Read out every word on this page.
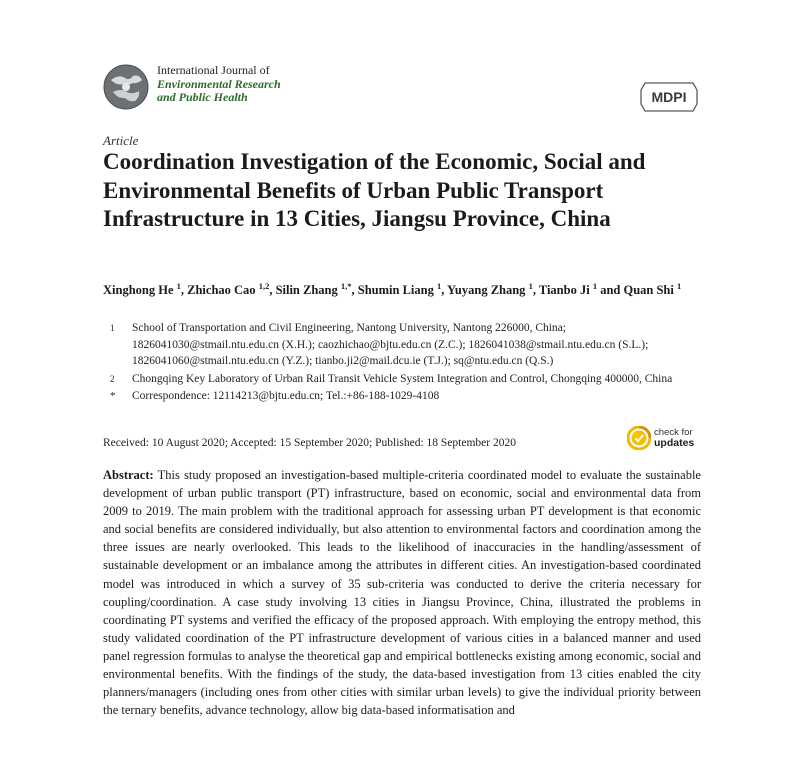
International Journal of
Environmental Research
and Public Health	MDPI
Article
Coordination Investigation of the Economic, Social and Environmental Benefits of Urban Public Transport Infrastructure in 13 Cities, Jiangsu Province, China
Xinghong He $^1$, Zhichao Cao $^{1,2}$, Silin Zhang $^{1,*}$, Shumin Liang $^1$, Yuyang Zhang $^1$, Tianbo Ji $^1$ and Quan Shi $^1$
1	School of Transportation and Civil Engineering, Nantong University, Nantong 226000, China; 1826041030@stmail.ntu.edu.cn (X.H.); caozhichao@bjtu.edu.cn (Z.C.); 1826041038@stmail.ntu.edu.cn (S.L.); 1826041060@stmail.ntu.edu.cn (Y.Z.); tianbo.ji2@mail.dcu.ie (T.J.); sq@ntu.edu.cn (Q.S.)
2	Chongqing Key Laboratory of Urban Rail Transit Vehicle System Integration and Control, Chongqing 400000, China
*	Correspondence: 12114213@bjtu.edu.cn; Tel.:+86-188-1029-4108
Received: 10 August 2020; Accepted: 15 September 2020; Published: 18 September 2020
check for
updates
Abstract: This study proposed an investigation-based multiple-criteria coordinated model to evaluate the sustainable development of urban public transport (PT) infrastructure, based on economic, social and environmental data from 2009 to 2019. The main problem with the traditional approach for assessing urban PT development is that economic and social benefits are considered individually, but also attention to environmental factors and coordination among the three issues are nearly overlooked. This leads to the likelihood of inaccuracies in the handling/assessment of sustainable development or an imbalance among the attributes in different cities. An investigation-based coordinated model was introduced in which a survey of 35 sub-criteria was conducted to derive the criteria necessary for coupling/coordination. A case study involving 13 cities in Jiangsu Province, China, illustrated the problems in coordinating PT systems and verified the efficacy of the proposed approach. With employing the entropy method, this study validated coordination of the PT infrastructure development of various cities in a balanced manner and used panel regression formulas to analyse the theoretical gap and empirical bottlenecks existing among economic, social and environmental benefits. With the findings of the study, the data-based investigation from 13 cities enabled the city planners/managers (including ones from other cities with similar urban levels) to give the individual priority between the ternary benefits, advance technology, allow big data-based informatisation and
